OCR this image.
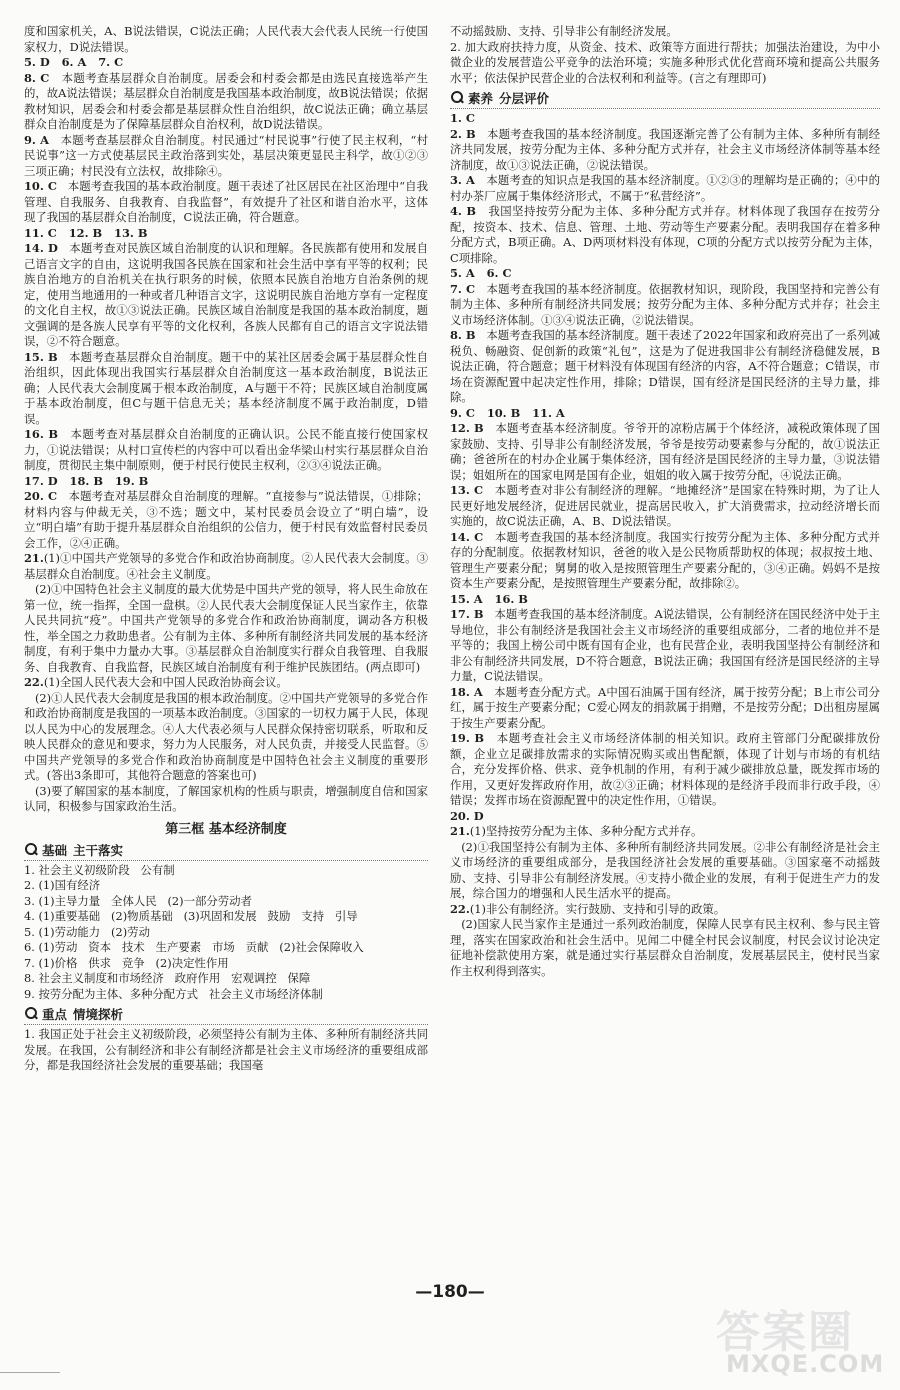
度和国家机关，A、B说法错误，C说法正确；人民代表大会代表人民统一行使国家权力，D说法错误。

5. D   6. A   7. C

8. C   本题考查基层群众自治制度。居委会和村委会都是由选民直接选举产生的，故A说法错误；基层群众自治制度是我国基本政治制度，故B说法错误；依据教材知识，居委会和村委会都是基层群众性自治组织，故C说法正确；确立基层群众自治制度是为了保障基层群众自治权利，故D说法错误。

9. A   本题考查基层群众自治制度。村民通过“村民说事”行使了民主权利，“村民说事”这一方式使基层民主政治落到实处，基层决策更显民主科学，故①②③三项正确；村民没有立法权，故排除④。

10. C   本题考查我国的基本政治制度。题干表述了社区居民在社区治理中“自我管理、自我服务、自我教育、自我监督”，有效提升了社区和谐自治水平，这体现了我国的基层群众自治制度，C说法正确，符合题意。

11. C   12. B   13. B

14. D   本题考查对民族区域自治制度的认识和理解。各民族都有使用和发展自己语言文字的自由，这说明我国各民族在国家和社会生活中享有平等的权利；民族自治地方的自治机关在执行职务的时候，依照本民族自治地方自治条例的规定，使用当地通用的一种或者几种语言文字，这说明民族自治地方享有一定程度的文化自主权，故①③说法正确。民族区域自治制度是我国的基本政治制度，题文强调的是各族人民享有平等的文化权利，各族人民都有自己的语言文字说法错误，②不符合题意。

15. B   本题考查基层群众自治制度。题干中的某社区居委会属于基层群众性自治组织，因此体现出我国实行基层群众自治制度这一基本政治制度，B说法正确；人民代表大会制度属于根本政治制度，A与题干不符；民族区域自治制度属于基本政治制度，但C与题干信息无关；基本经济制度不属于政治制度，D错误。

16. B   本题考查对基层群众自治制度的正确认识。公民不能直接行使国家权力，①说法错误；从村口宣传栏的内容中可以看出金华梁山村实行基层群众自治制度，贯彻民主集中制原则，便于村民行使民主权利，②③④说法正确。

17. D   18. B   19. B

20. C   本题考查对基层群众自治制度的理解。“直接参与”说法错误，①排除；材料内容与仲裁无关，③不选；题文中，某村民委员会设立了“明白墙”，设立“明白墙”有助于提升基层群众自治组织的公信力，便于村民有效监督村民委员会工作，②④正确。

21.(1)①中国共产党领导的多党合作和政治协商制度。②人民代表大会制度。③基层群众自治制度。④社会主义制度。

(2)①中国特色社会主义制度的最大优势是中国共产党的领导，将人民生命放在第一位，统一指挥，全国一盘棋。②人民代表大会制度保证人民当家作主，依靠人民共同抗“疫”。中国共产党领导的多党合作和政治协商制度，调动各方积极性，举全国之力救助患者。公有制为主体、多种所有制经济共同发展的基本经济制度，有利于集中力量办大事。③基层群众自治制度实行群众自我管理、自我服务、自我教育、自我监督，民族区域自治制度有利于维护民族团结。(两点即可)

22.(1)全国人民代表大会和中国人民政治协商会议。

(2)①人民代表大会制度是我国的根本政治制度。②中国共产党领导的多党合作和政治协商制度是我国的一项基本政治制度。③国家的一切权力属于人民，体现以人民为中心的发展理念。④人大代表必须与人民群众保持密切联系，听取和反映人民群众的意见和要求，努力为人民服务，对人民负责，并接受人民监督。⑤中国共产党领导的多党合作和政治协商制度是中国特色社会主义制度的重要形式。(答出3条即可，其他符合题意的答案也可)

(3)要了解国家的基本制度，了解国家机构的性质与职责，增强制度自信和国家认同，积极参与国家政治生活。

第三框 基本经济制度
基础 主干落实

1. 社会主义初级阶段   公有制

2. (1)国有经济

3. (1)主导力量   全体人民   (2)一部分劳动者

4. (1)重要基础   (2)物质基础   (3)巩固和发展   鼓励   支持   引导

5. (1)劳动能力   (2)劳动

6. (1)劳动   资本   技术   生产要素   市场   贡献   (2)社会保障收入

7. (1)价格   供求   竞争   (2)决定性作用

8. 社会主义制度和市场经济   政府作用   宏观调控   保障

9. 按劳分配为主体、多种分配方式   社会主义市场经济体制

重点 情境探析

1. 我国正处于社会主义初级阶段，必须坚持公有制为主体、多种所有制经济共同发展。在我国，公有制经济和非公有制经济都是社会主义市场经济的重要组成部分，都是我国经济社会发展的重要基础；我国毫

不动摇鼓励、支持、引导非公有制经济发展。

2. 加大政府扶持力度，从资金、技术、政策等方面进行帮扶；加强法治建设，为中小微企业的发展营造公平竞争的法治环境；实施多种形式优化营商环境和提高公共服务水平；依法保护民营企业的合法权利和利益等。(言之有理即可)

素养 分层评价

1. C

2. B   本题考查我国的基本经济制度。我国逐渐完善了公有制为主体、多种所有制经济共同发展，按劳分配为主体、多种分配方式并存，社会主义市场经济体制等基本经济制度，故①③说法正确，②说法错误。

3. A   本题考查的知识点是我国的基本经济制度。①②③的理解均是正确的；④中的村办茶厂应属于集体经济形式，不属于“私营经济”。

4. B   我国坚持按劳分配为主体、多种分配方式并存。材料体现了我国存在按劳分配，按资本、技术、信息、管理、土地、劳动等生产要素分配。表明我国存在着多种分配方式，B项正确。A、D两项材料没有体现，C项的分配方式以按劳分配为主体，C项排除。

5. A   6. C

7. C   本题考查我国的基本经济制度。依据教材知识，现阶段，我国坚持和完善公有制为主体、多种所有制经济共同发展；按劳分配为主体、多种分配方式并存；社会主义市场经济体制。①③④说法正确，②说法错误。

8. B   本题考查我国的基本经济制度。题干表述了2022年国家和政府亮出了一系列减税负、畅融资、促创新的政策“礼包”，这是为了促进我国非公有制经济稳健发展，B说法正确，符合题意；题干材料没有体现国有经济的内容，A不符合题意；C错误，市场在资源配置中起决定性作用，排除；D错误，国有经济是国民经济的主导力量，排除。

9. C   10. B   11. A

12. B   本题考查基本经济制度。爷爷开的凉粉店属于个体经济，减税政策体现了国家鼓励、支持、引导非公有制经济发展，爷爷是按劳动要素参与分配的，故①说法正确；爸爸所在的村办企业属于集体经济，国有经济是国民经济的主导力量，③说法错误；姐姐所在的国家电网是国有企业，姐姐的收入属于按劳分配，④说法正确。

13. C   本题考查对非公有制经济的理解。“地摊经济”是国家在特殊时期，为了让人民更好地发展经济，促进居民就业，提高居民收入，扩大消费需求，拉动经济增长而实施的，故C说法正确，A、B、D说法错误。

14. C   本题考查我国的基本经济制度。我国实行按劳分配为主体、多种分配方式并存的分配制度。依据教材知识，爸爸的收入是公民物质帮助权的体现；叔叔按土地、管理生产要素分配；舅舅的收入是按照管理生产要素分配的，③④正确。妈妈不是按资本生产要素分配，是按照管理生产要素分配，故排除②。

15. A   16. B

17. B   本题考查我国的基本经济制度。A说法错误，公有制经济在国民经济中处于主导地位，非公有制经济是我国社会主义市场经济的重要组成部分，二者的地位并不是平等的；我国上榜公司中既有国有企业，也有民营企业，表明我国坚持公有制经济和非公有制经济共同发展，D不符合题意，B说法正确；我国国有经济是国民经济的主导力量，C说法错误。

18. A   本题考查分配方式。A中国石油属于国有经济，属于按劳分配；B上市公司分红，属于按生产要素分配；C爱心网友的捐款属于捐赠，不是按劳分配；D出租房屋属于按生产要素分配。

19. B   本题考查社会主义市场经济体制的相关知识。政府主管部门分配碳排放份额，企业立足碳排放需求的实际情况购买或出售配额，体现了计划与市场的有机结合，充分发挥价格、供求、竞争机制的作用，有利于减少碳排放总量，既发挥市场的作用，又更好发挥政府作用，故②③正确；材料体现的是经济手段而非行政手段，④错误；发挥市场在资源配置中的决定性作用，①错误。

20. D

21.(1)坚持按劳分配为主体、多种分配方式并存。

(2)①我国坚持公有制为主体、多种所有制经济共同发展。②非公有制经济是社会主义市场经济的重要组成部分，是我国经济社会发展的重要基础。③国家毫不动摇鼓励、支持、引导非公有制经济发展。④支持小微企业的发展，有利于促进生产力的发展，综合国力的增强和人民生活水平的提高。

22.(1)非公有制经济。实行鼓励、支持和引导的政策。

(2)国家人民当家作主是通过一系列政治制度，保障人民享有民主权利、参与民主管理，落实在国家政治和社会生活中。见闻二中健全村民会议制度，村民会议讨论决定征地补偿款使用方案，就是通过实行基层群众自治制度，发展基层民主，使村民当家作主权利得到落实。

—180—
答案圈
MXQE.COM
